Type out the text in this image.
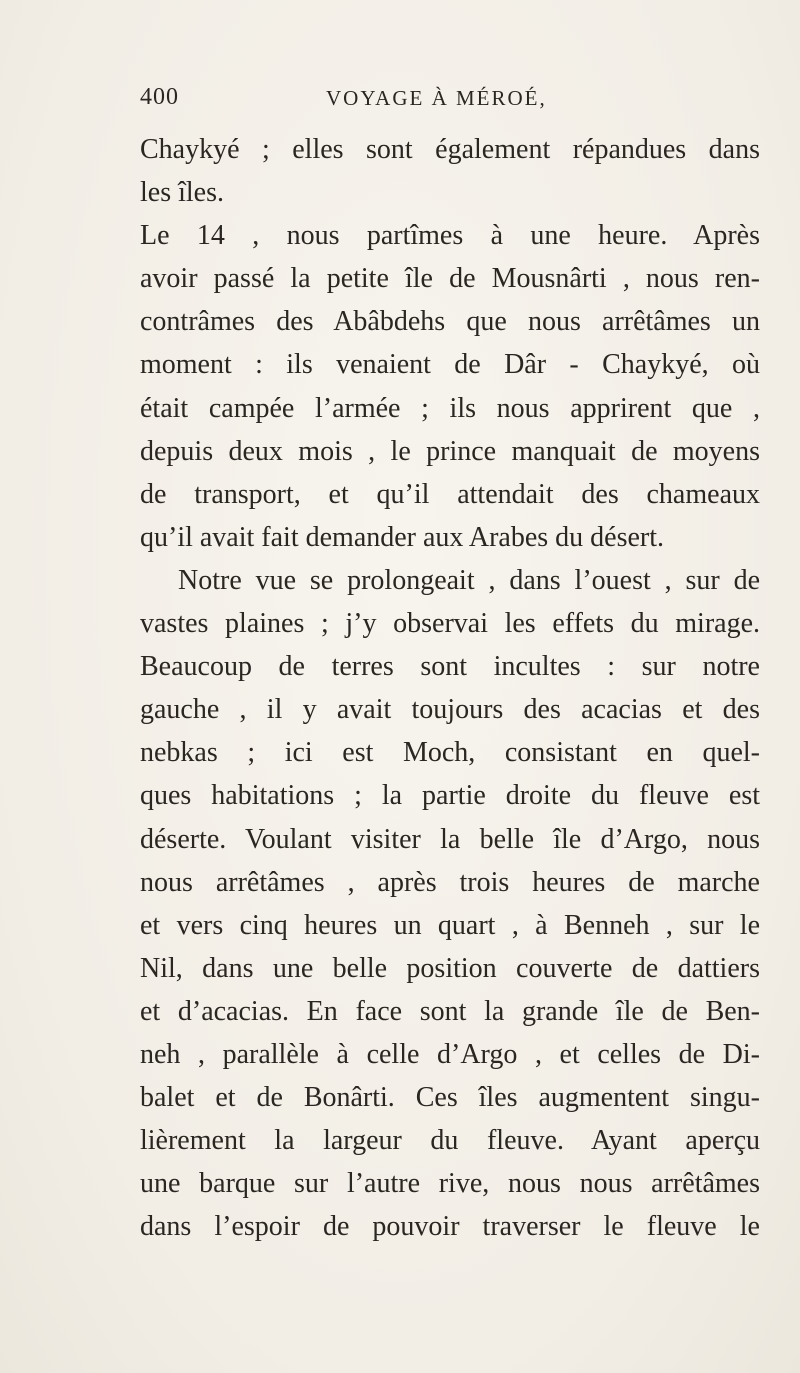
400	VOYAGE À MÉROÉ,
Chaykyé ; elles sont également répandues dans
les îles.
Le 14 , nous partîmes à une heure. Après
avoir passé la petite île de Mousnârti , nous ren-
contrâmes des Abâbdehs que nous arrêtâmes un
moment : ils venaient de Dâr - Chaykyé, où
était campée l’armée ; ils nous apprirent que ,
depuis deux mois , le prince manquait de moyens
de transport, et qu’il attendait des chameaux
qu’il avait fait demander aux Arabes du désert.
Notre vue se prolongeait , dans l’ouest , sur de
vastes plaines ; j’y observai les effets du mirage.
Beaucoup de terres sont incultes : sur notre
gauche , il y avait toujours des acacias et des
nebkas ; ici est Moch, consistant en quel-
ques habitations ; la partie droite du fleuve est
déserte. Voulant visiter la belle île d’Argo, nous
nous arrêtâmes , après trois heures de marche
et vers cinq heures un quart , à Benneh , sur le
Nil, dans une belle position couverte de dattiers
et d’acacias. En face sont la grande île de Ben-
neh , parallèle à celle d’Argo , et celles de Di-
balet et de Bonârti. Ces îles augmentent singu-
lièrement la largeur du fleuve. Ayant aperçu
une barque sur l’autre rive, nous nous arrêtâmes
dans l’espoir de pouvoir traverser le fleuve le
